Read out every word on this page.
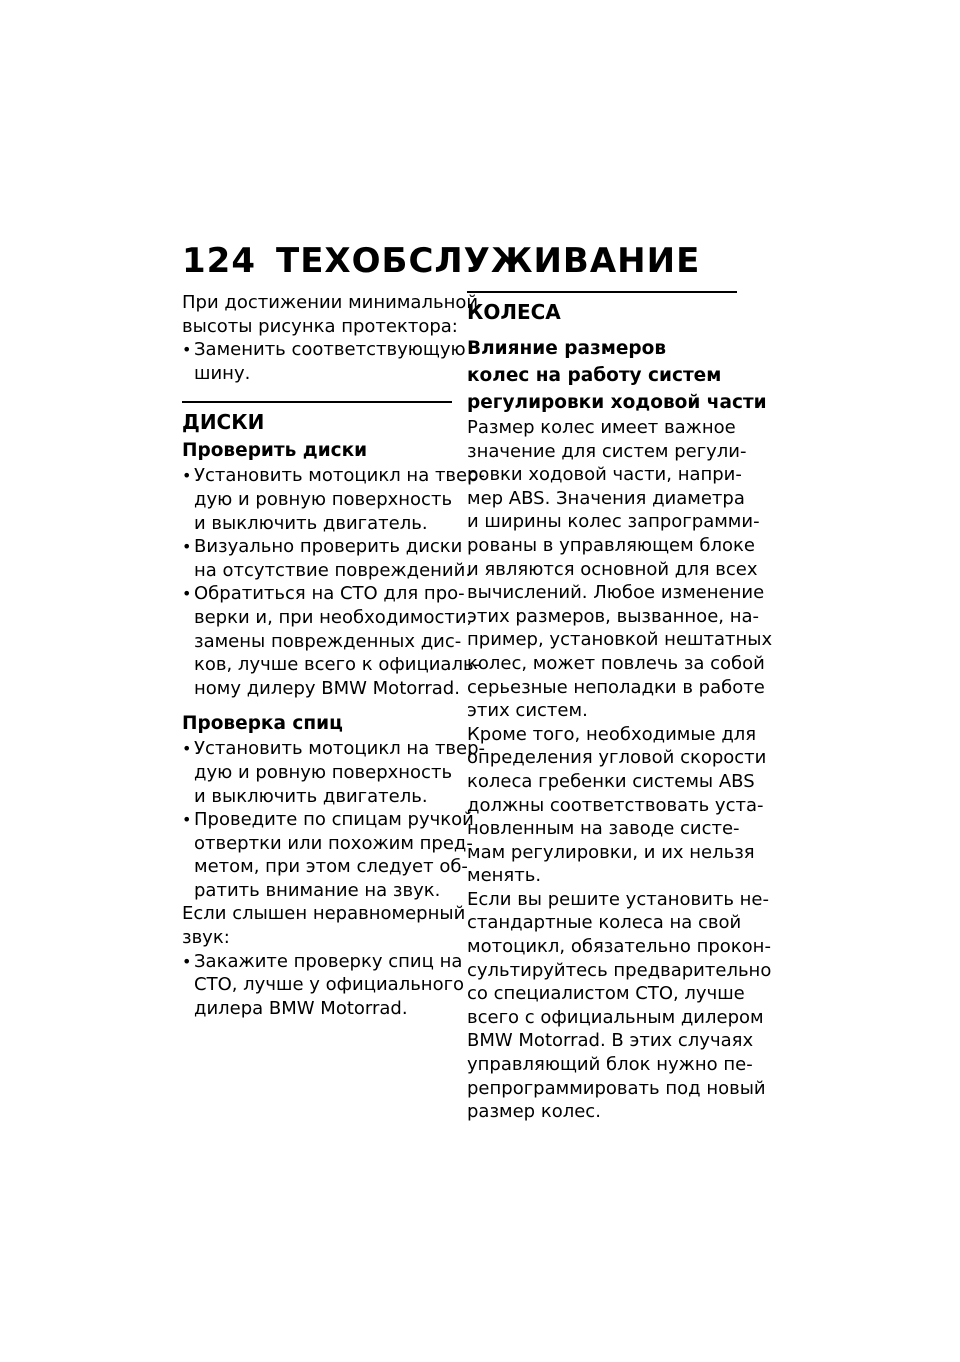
124 ТЕХОБСЛУЖИВАНИЕ
При достижении минимальной
высоты рисунка протектора:
• Заменить соответствующую
шину.
ДИСКИ
Проверить диски
• Установить мотоцикл на твер-
дую и ровную поверхность
и выключить двигатель.
• Визуально проверить диски
на отсутствие повреждений.
• Обратиться на СТО для про-
верки и, при необходимости,
замены поврежденных дис-
ков, лучше всего к официаль-
ному дилеру BMW Motorrad.
Проверка спиц
• Установить мотоцикл на твер-
дую и ровную поверхность
и выключить двигатель.
• Проведите по спицам ручкой
отвертки или похожим пред-
метом, при этом следует об-
ратить внимание на звук.
Если слышен неравномерный
звук:
• Закажите проверку спиц на
СТО, лучше у официального
дилера BMW Motorrad.
КОЛЕСА
Влияние размеров
колес на работу систем
регулировки ходовой части
Размер колес имеет важное
значение для систем регули-
ровки ходовой части, напри-
мер ABS. Значения диаметра
и ширины колес запрограмми-
рованы в управляющем блоке
и являются основной для всех
вычислений. Любое изменение
этих размеров, вызванное, на-
пример, установкой нештатных
колес, может повлечь за собой
серьезные неполадки в работе
этих систем.
Кроме того, необходимые для
определения угловой скорости
колеса гребенки системы ABS
должны соответствовать уста-
новленным на заводе систе-
мам регулировки, и их нельзя
менять.
Если вы решите установить не-
стандартные колеса на свой
мотоцикл, обязательно прокон-
сультируйтесь предварительно
со специалистом СТО, лучше
всего с официальным дилером
BMW Motorrad. В этих случаях
управляющий блок нужно пе-
репрограммировать под новый
размер колес.
